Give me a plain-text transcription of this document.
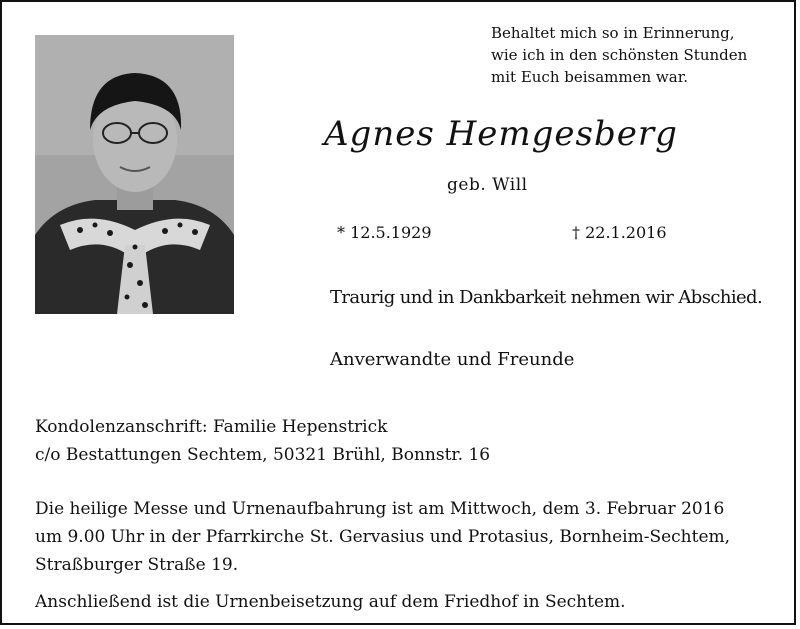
Behaltet mich so in Erinnerung,
wie ich in den schönsten Stunden
mit Euch beisammen war.
Agnes Hemgesberg
geb. Will
* 12.5.1929	† 22.1.2016
Traurig und in Dankbarkeit nehmen wir Abschied.
Anverwandte und Freunde
Kondolenzanschrift: Familie Hepenstrick
c/o Bestattungen Sechtem, 50321 Brühl, Bonnstr. 16
Die heilige Messe und Urnenaufbahrung ist am Mittwoch, dem 3. Februar 2016
um 9.00 Uhr in der Pfarrkirche St. Gervasius und Protasius, Bornheim-Sechtem,
Straßburger Straße 19.
Anschließend ist die Urnenbeisetzung auf dem Friedhof in Sechtem.
